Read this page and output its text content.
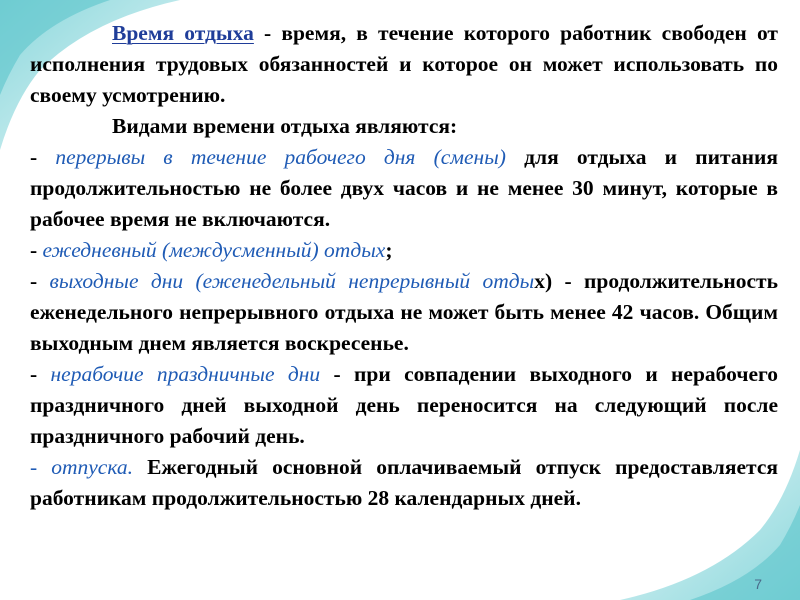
Время отдыха - время, в течение которого работник свободен от исполнения трудовых обязанностей и которое он может использовать по своему усмотрению.

Видами времени отдыха являются:

- перерывы в течение рабочего дня (смены) для отдыха и питания продолжительностью не более двух часов и не менее 30 минут, которые в рабочее время не включаются.

- ежедневный (междусменный) отдых;

- выходные дни (еженедельный непрерывный отдых) - продолжительность еженедельного непрерывного отдыха не может быть менее 42 часов. Общим выходным днем является воскресенье.

- нерабочие праздничные дни - при совпадении выходного и нерабочего праздничного дней выходной день переносится на следующий после праздничного рабочий день.

- отпуска. Ежегодный основной оплачиваемый отпуск предоставляется работникам продолжительностью 28 календарных дней.

7
